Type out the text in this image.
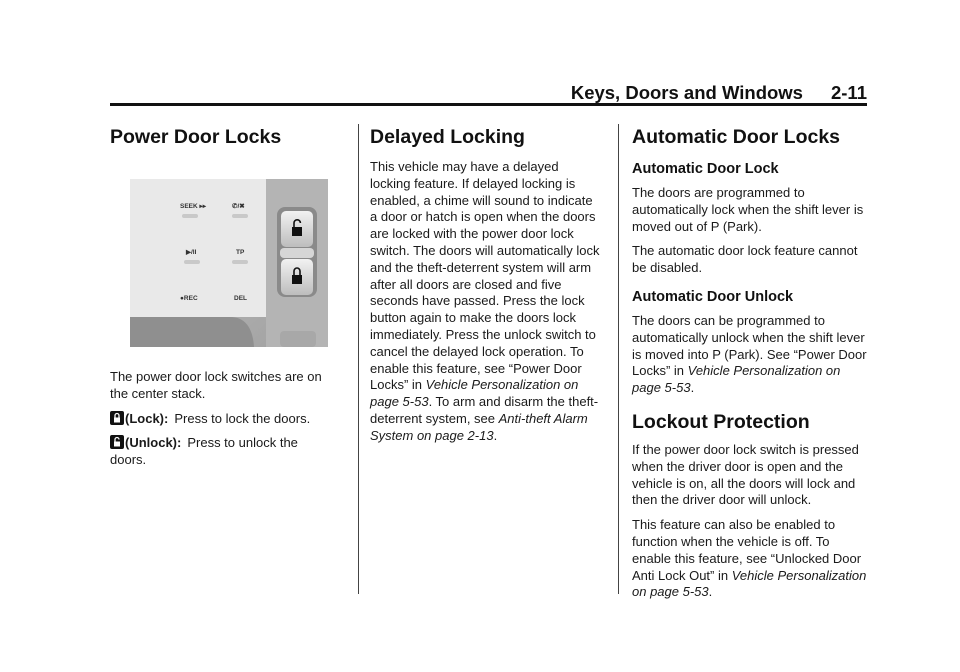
Keys, Doors and Windows 2-11
Power Door Locks
SEEK ▸▸	✆/✖
▶/II	TP
●REC	DEL

The power door lock switches are on the center stack.

(Lock): Press to lock the doors.

(Unlock): Press to unlock the
doors.

Delayed Locking

This vehicle may have a delayed locking feature. If delayed locking is enabled, a chime will sound to indicate a door or hatch is open when the doors are locked with the power door lock switch. The doors will automatically lock and the theft-deterrent system will arm after all doors are closed and five seconds have passed. Press the lock button again to make the doors lock immediately. Press the unlock switch to cancel the delayed lock operation. To enable this feature, see “Power Door Locks” in Vehicle Personalization on page 5-53. To arm and disarm the theft-deterrent system, see Anti-theft Alarm System on page 2-13.

Automatic Door Locks
Automatic Door Lock

The doors are programmed to automatically lock when the shift lever is moved out of P (Park).

The automatic door lock feature cannot be disabled.

Automatic Door Unlock

The doors can be programmed to automatically unlock when the shift lever is moved into P (Park). See “Power Door Locks” in Vehicle Personalization on page 5-53.

Lockout Protection

If the power door lock switch is pressed when the driver door is open and the vehicle is on, all the doors will lock and then the driver door will unlock.

This feature can also be enabled to function when the vehicle is off. To enable this feature, see “Unlocked Door Anti Lock Out” in Vehicle Personalization on page 5-53.
